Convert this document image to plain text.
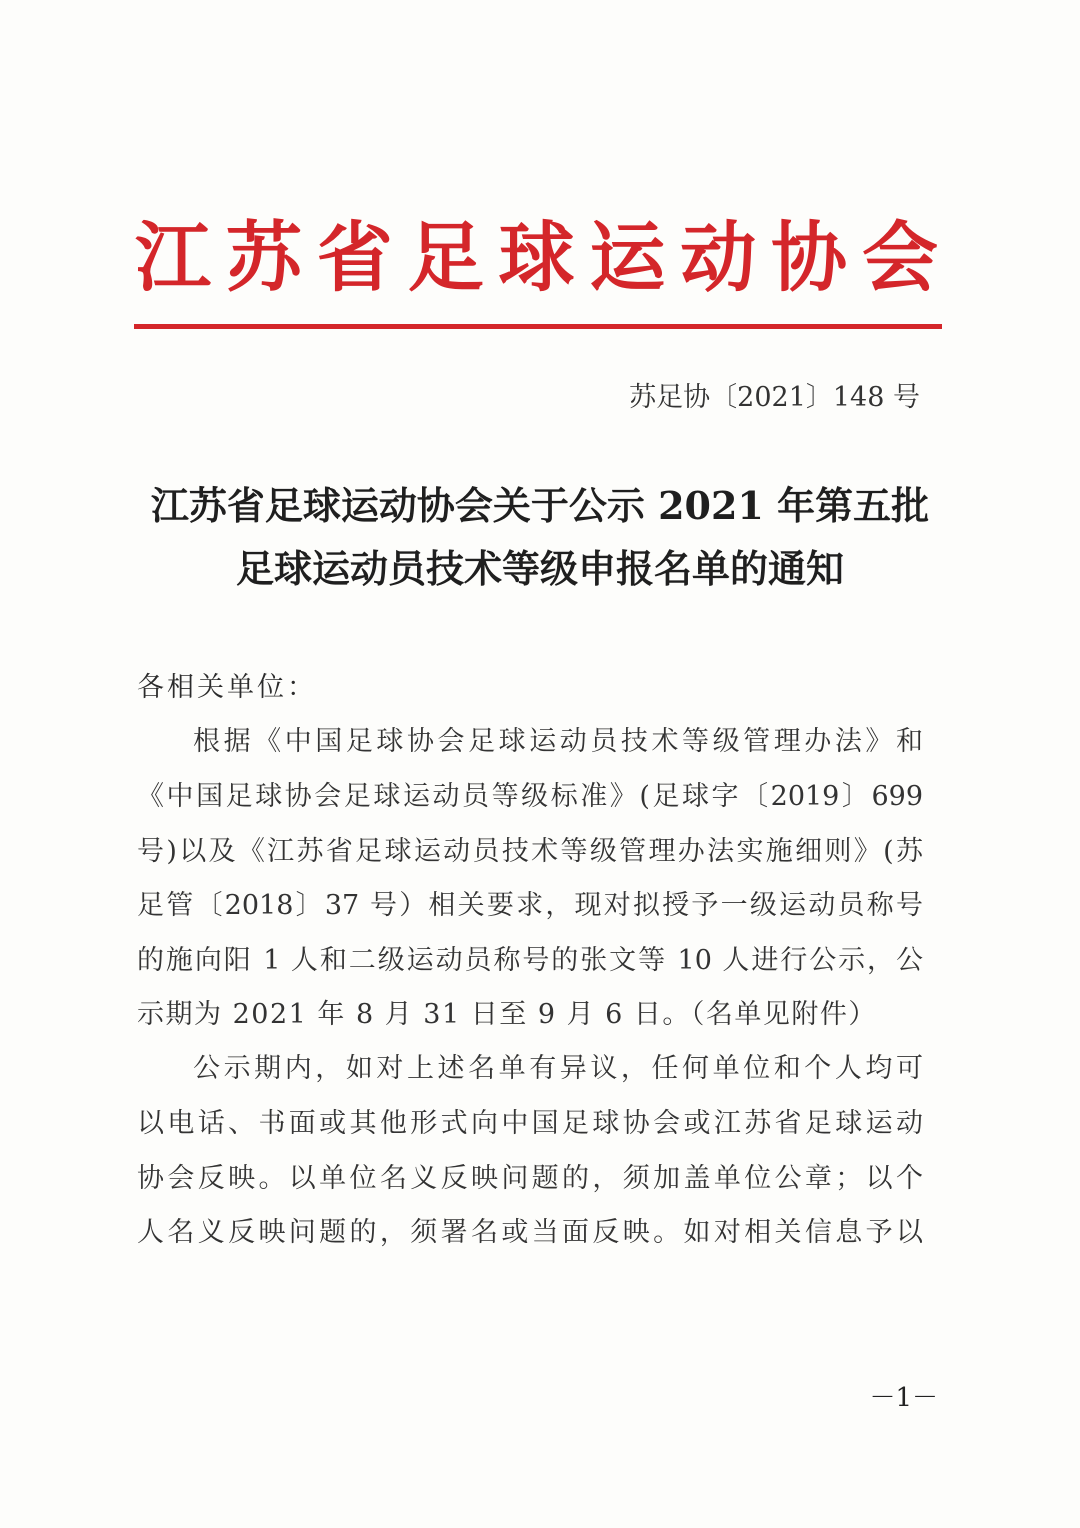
江苏省足球运动协会
苏足协〔2021〕148 号
江苏省足球运动协会关于公示 2021 年第五批
足球运动员技术等级申报名单的通知
各相关单位：
根据《中国足球协会足球运动员技术等级管理办法》和
《中国足球协会足球运动员等级标准》(足球字〔2019〕699
号)以及《江苏省足球运动员技术等级管理办法实施细则》(苏
足管〔2018〕37 号）相关要求，现对拟授予一级运动员称号
的施向阳 1 人和二级运动员称号的张文等 10 人进行公示，公
示期为 2021 年 8 月 31 日至 9 月 6 日。（名单见附件）
公示期内，如对上述名单有异议，任何单位和个人均可
以电话、书面或其他形式向中国足球协会或江苏省足球运动
协会反映。以单位名义反映问题的，须加盖单位公章；以个
人名义反映问题的，须署名或当面反映。如对相关信息予以
－1－
